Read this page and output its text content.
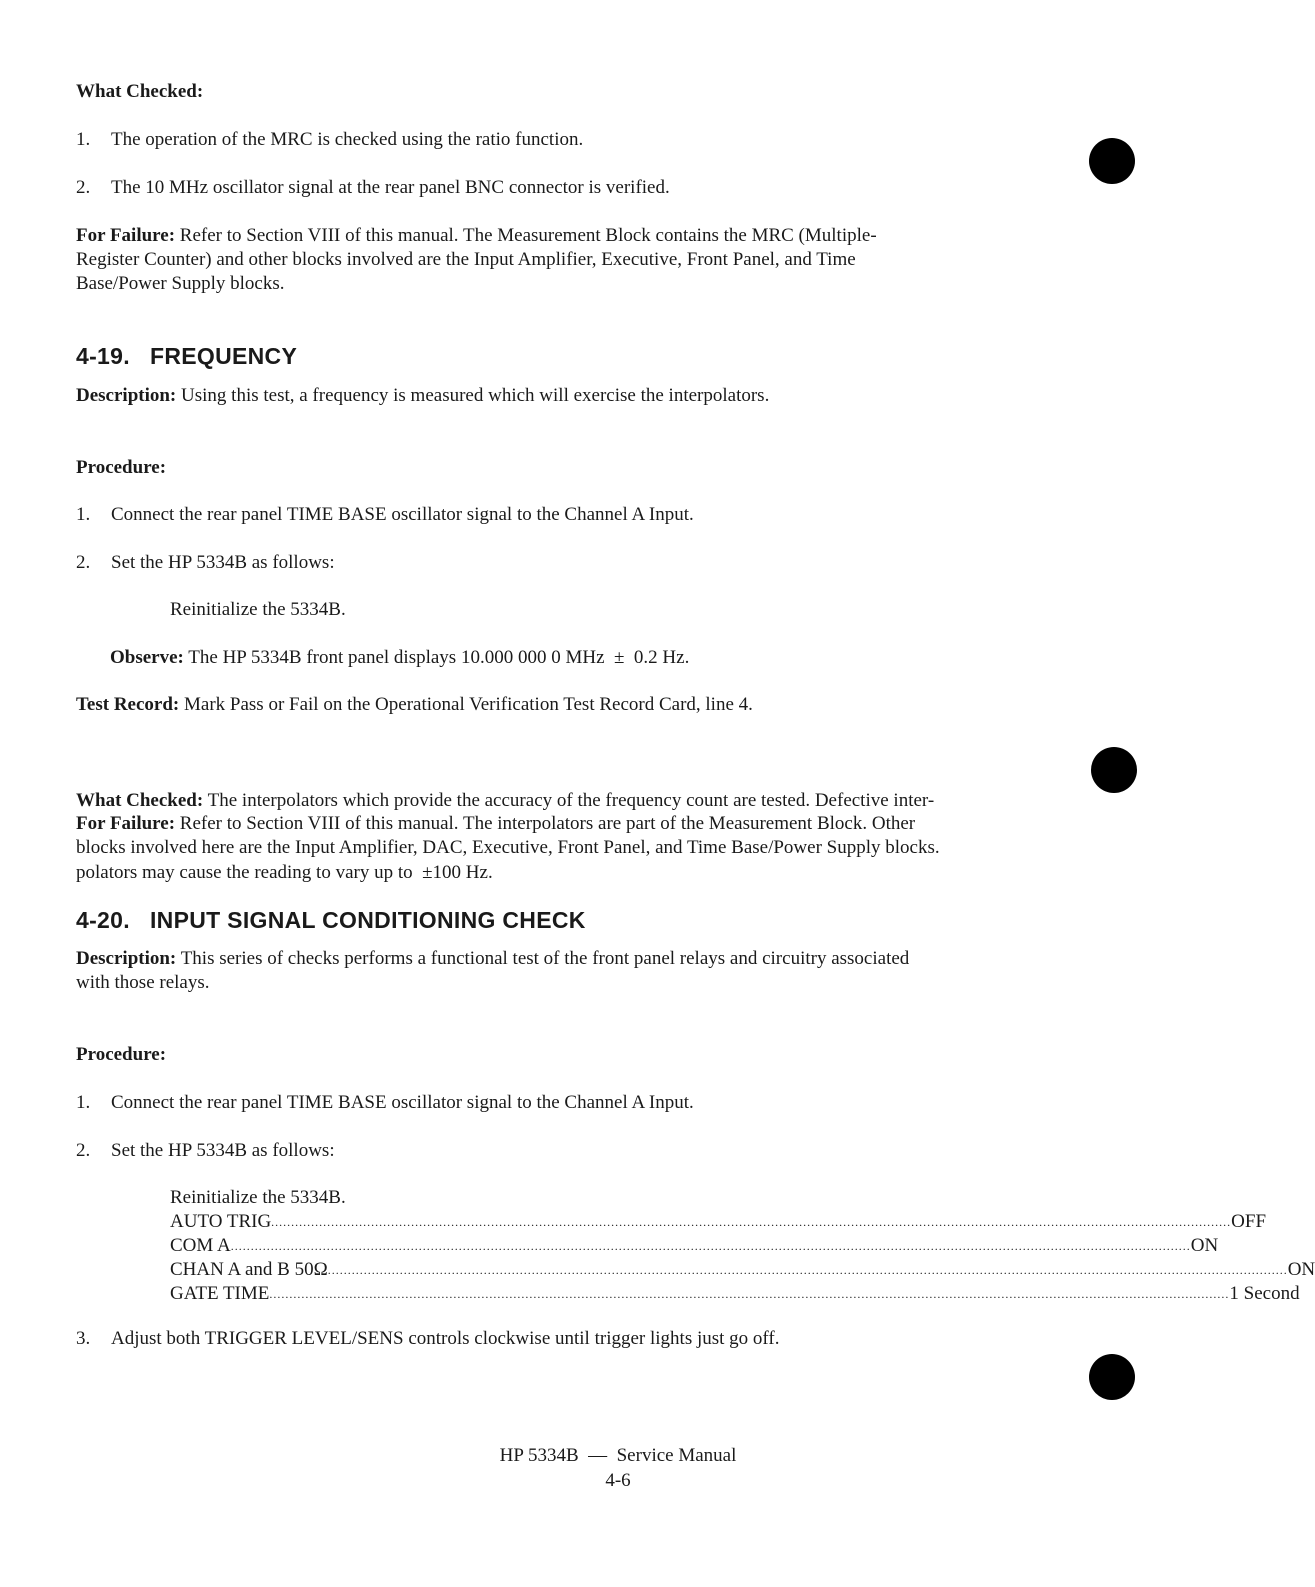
What Checked:
1. The operation of the MRC is checked using the ratio function.
2. The 10 MHz oscillator signal at the rear panel BNC connector is verified.
For Failure: Refer to Section VIII of this manual. The Measurement Block contains the MRC (Multiple-
Register Counter) and other blocks involved are the Input Amplifier, Executive, Front Panel, and Time
Base/Power Supply blocks.
4-19.   FREQUENCY
Description: Using this test, a frequency is measured which will exercise the interpolators.
Procedure:
1. Connect the rear panel TIME BASE oscillator signal to the Channel A Input.
2. Set the HP 5334B as follows:
Reinitialize the 5334B.
Observe: The HP 5334B front panel displays 10.000 000 0 MHz  ±  0.2 Hz.
Test Record: Mark Pass or Fail on the Operational Verification Test Record Card, line 4.

What Checked: The interpolators which provide the accuracy of the frequency count are tested. Defective inter-

polators may cause the reading to vary up to  ±100 Hz.

For Failure: Refer to Section VIII of this manual. The interpolators are part of the Measurement Block. Other
blocks involved here are the Input Amplifier, DAC, Executive, Front Panel, and Time Base/Power Supply blocks.
4-20.   INPUT SIGNAL CONDITIONING CHECK
Description: This series of checks performs a functional test of the front panel relays and circuitry associated
with those relays.
Procedure:
1. Connect the rear panel TIME BASE oscillator signal to the Channel A Input.
2. Set the HP 5334B as follows:
Reinitialize the 5334B.
AUTO TRIG ................................................................................................................................................................................................................................................ OFF
COM A ................................................................................................................................................................................................................................................ ON
CHAN A and B 50Ω ................................................................................................................................................................................................................................................ ON
GATE TIME ................................................................................................................................................................................................................................................ 1 Second
3. Adjust both TRIGGER LEVEL/SENS controls clockwise until trigger lights just go off.
HP 5334B  —  Service Manual
4-6
